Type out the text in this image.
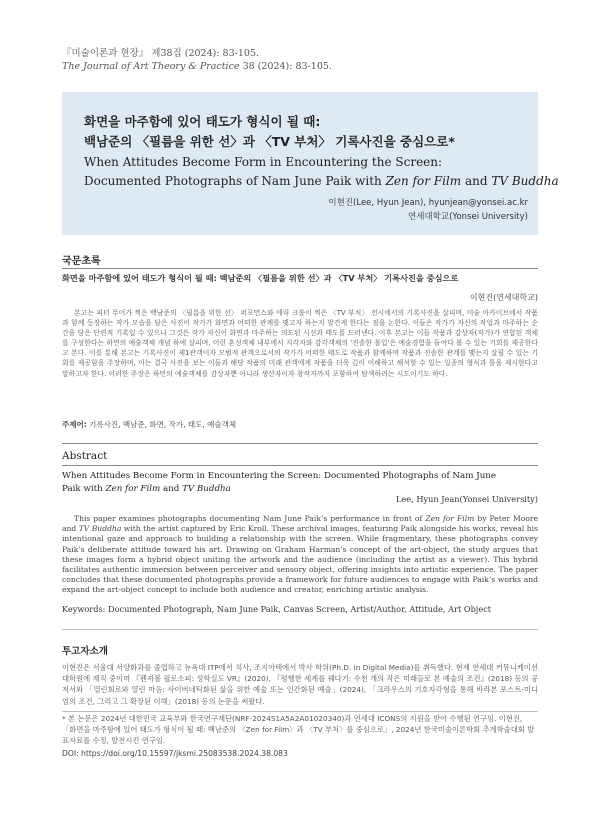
『미술이론과 현장』 제38집 (2024): 83-105.
The Journal of Art Theory & Practice 38 (2024): 83-105.
화면을 마주함에 있어 태도가 형식이 될 때:
백남준의 〈필름을 위한 선〉과 〈TV 부처〉 기록사진을 중심으로*
When Attitudes Become Form in Encountering the Screen:
Documented Photographs of Nam June Paik with Zen for Film and TV Buddha
이현진(Lee, Hyun Jean), hyunjean@yonsei.ac.kr
연세대학교(Yonsei University)
국문초록
화면을 마주함에 있어 태도가 형식이 될 때: 백남준의 〈필름을 위한 선〉과 〈TV 부처〉 기록사진을 중심으로
이현진(연세대학교)

본고는 피터 무어가 찍은 백남준의 〈필름을 위한 선〉 퍼포먼스와 에릭 크롤이 찍은 〈TV 부처〉 전시에서의 기록사진을 살피며, 미술 아카이브에서 작품과 함께 등장하는 작가 모습을 담은 사진이 작가가 화면과 어떠한 관계를 맺고자 하는지 발견케 한다는 점을 논한다. 이들은 작가가 자신의 작업과 마주하는 순간을 담은 단편적 기록일 수 있으나 그것은 작가 자신이 화면과 마주하는 의도된 시선과 태도를 드러낸다. 이후 본고는 이들 작품과 감상자(작가)가 연합된 객체를 구성한다는 하먼의 예술객체 개념 하에 살피며, 이런 혼성객체 내부에서 지각자와 감각객체의 '진솔한 몰입'은 예술경험을 들여다 볼 수 있는 기회를 제공한다고 본다. 이를 통해 본고는 기록사진이 제1관객이자 모범적 관객으로서의 작가가 어떠한 태도로 작품과 함께하며 작품과 진솔한 관계를 맺는지 살필 수 있는 기회를 제공함을 주장하며, 이는 결국 사진을 보는 이들과 해당 작품의 미래 관객에게 작품을 더욱 깊이 이해하고 해석할 수 있는 일종의 형식과 틀을 제시한다고 말하고자 한다. 이러한 주장은 하먼의 예술객체를 감상자뿐 아니라 생산자이자 창작자까지 포함하여 탐색하려는 시도이기도 하다.

주제어: 기록사진, 백남준, 화면, 작가, 태도, 예술객체
Abstract
When Attitudes Become Form in Encountering the Screen: Documented Photographs of Nam June
Paik with Zen for Film and TV Buddha
Lee, Hyun Jean(Yonsei University)

This paper examines photographs documenting Nam June Paik’s performance in front of Zen for Film by Peter Moore and TV Buddha with the artist captured by Eric Kroll. These archival images, featuring Paik alongside his works, reveal his intentional gaze and approach to building a relationship with the screen. While fragmentary, these photographs convey Paik’s deliberate attitude toward his art. Drawing on Graham Harman’s concept of the art-object, the study argues that these images form a hybrid object uniting the artwork and the audience (including the artist as a viewer). This hybrid facilitates authentic immersion between perceiver and sensory object, offering insights into artistic experience. The paper concludes that these documented photographs provide a framework for future audiences to engage with Paik’s works and expand the art-object concept to include both audience and creator, enriching artistic analysis.

Keywords: Documented Photograph, Nam June Paik, Canvas Screen, Artist/Author, Attitude, Art Object
투고자소개

이현진은 서울대 서양화과를 졸업하고 뉴욕대 ITP에서 석사, 조지아텍에서 박사 학위(Ph.D. in Digital Media)를 취득했다. 현재 연세대 커뮤니케이션대학원에 재직 중이며 『펜져볼 필로소피: 성학실도 VR』(2020), 『평행한 세계를 꿰다기: 수천 개의 작은 미래들로 본 예술의 조건』(2018) 등의 공저서와 「열린회로와 열린 마음: 사이버네틱화된 삶을 위한 예술 또는 인간화된 예술」(2024), 「크라우스의 기호자각형을 통해 바라본 포스트-미디엄의 조건, 그리고 그 확장된 이해」(2018) 등의 논문을 써왔다.

* 본 논문은 2024년 대한민국 교육부와 한국연구재단(NRF-2024S1A5A2A01020340)과 연세대 ICONS의 지원을 받아 수행된 연구임. 이현진, 「화면을 마주함에 있어 태도가 형식이 될 때: 백남준의 〈Zen for Film〉과 〈TV 부처〉를 중심으로」, 2024년 한국미술이론학회 추계학술대회 발표자료를 수정, 발전시킨 연구임.

DOI: https://doi.org/10.15597/jksmi.25083538.2024.38.083
